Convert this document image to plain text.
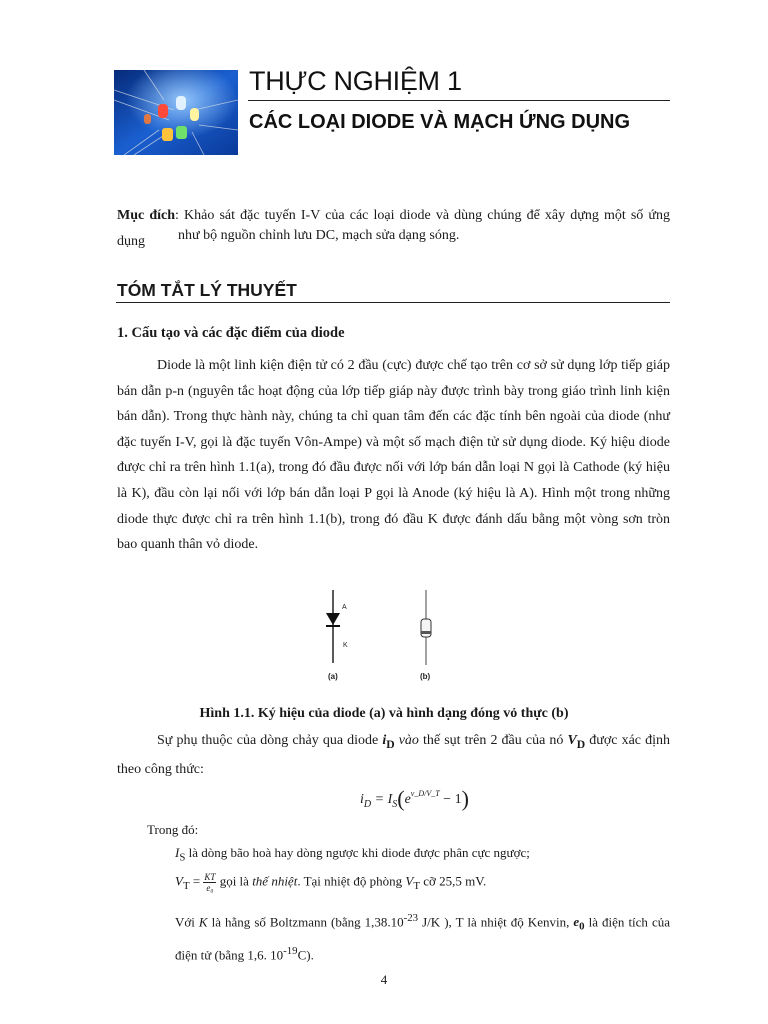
THỰC NGHIỆM 1
CÁC LOẠI DIODE VÀ MẠCH ỨNG DỤNG
Mục đích: Khảo sát đặc tuyến I-V của các loại diode và dùng chúng để xây dựng một số ứng dụng	như bộ nguồn chỉnh lưu DC, mạch sửa dạng sóng.
TÓM TẮT LÝ THUYẾT
1. Cấu tạo và các đặc điểm của diode
Diode là một linh kiện điện tử có 2 đầu (cực) được chế tạo trên cơ sở sử dụng lớp tiếp giáp bán dẫn p-n (nguyên tắc hoạt động của lớp tiếp giáp này được trình bày trong giáo trình linh kiện bán dẫn). Trong thực hành này, chúng ta chỉ quan tâm đến các đặc tính bên ngoài của diode (như đặc tuyến I-V, gọi là đặc tuyến Vôn-Ampe) và một số mạch điện tử sử dụng diode. Ký hiệu diode được chỉ ra trên hình 1.1(a), trong đó đầu được nối với lớp bán dẫn loại N gọi là Cathode (ký hiệu là K), đầu còn lại nối với lớp bán dẫn loại P gọi là Anode (ký hiệu là A). Hình một trong những diode thực được chỉ ra trên hình 1.1(b), trong đó đầu K được đánh dấu bằng một vòng sơn tròn bao quanh thân vỏ diode.
A
K
(a)	(b)
Hình 1.1. Ký hiệu của diode (a) và hình dạng đóng vỏ thực (b)
Sự phụ thuộc của dòng chảy qua diode $i_D$ vào thế sụt trên 2 đầu của nó $V_D$ được xác định theo công thức:
$i_D = I_S(e^{v\_D/V\_T} - 1)$
Trong đó:
$I_S$ là dòng bão hoà hay dòng ngược khi diode được phân cực ngược;
$V_T = \frac{KT}{\text{e₀}}$ gọi là thế nhiệt. Tại nhiệt độ phòng $V_T$ cỡ 25,5 mV.
Với K là hằng số Boltzmann (bằng $1,38.10^{-23}$ J/K ), T là nhiệt độ Kenvin, $e_0$ là điện tích của điện tử (bằng 1,6. $10^{-19}C$).
4
